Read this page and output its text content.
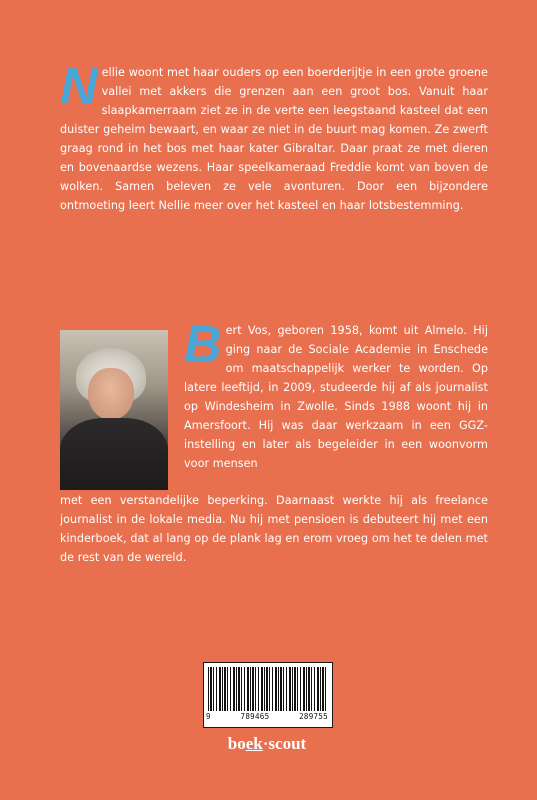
N ellie woont met haar ouders op een boerderijtje in een grote groene vallei met akkers die grenzen aan een groot bos. Vanuit haar slaapkamerraam ziet ze in de verte een leegstaand kasteel dat een duister geheim bewaart, en waar ze niet in de buurt mag komen. Ze zwerft graag rond in het bos met haar kater Gibraltar. Daar praat ze met dieren en bovenaardse wezens. Haar speelkameraad Freddie komt van boven de wolken. Samen beleven ze vele avonturen. Door een bijzondere ontmoeting leert Nellie meer over het kasteel en haar lotsbestemming.
B ert Vos, geboren 1958, komt uit Almelo. Hij ging naar de Sociale Academie in Enschede om maatschappelijk werker te worden. Op latere leeftijd, in 2009, studeerde hij af als journalist op Windesheim in Zwolle. Sinds 1988 woont hij in Amersfoort. Hij was daar werkzaam in een GGZ-instelling en later als begeleider in een woonvorm voor mensen
met een verstandelijke beperking. Daarnaast werkte hij als freelance journalist in de lokale media. Nu hij met pensioen is debuteert hij met een kinderboek, dat al lang op de plank lag en erom vroeg om het te delen met de rest van de wereld.
9	789465	289755
boek·scout
